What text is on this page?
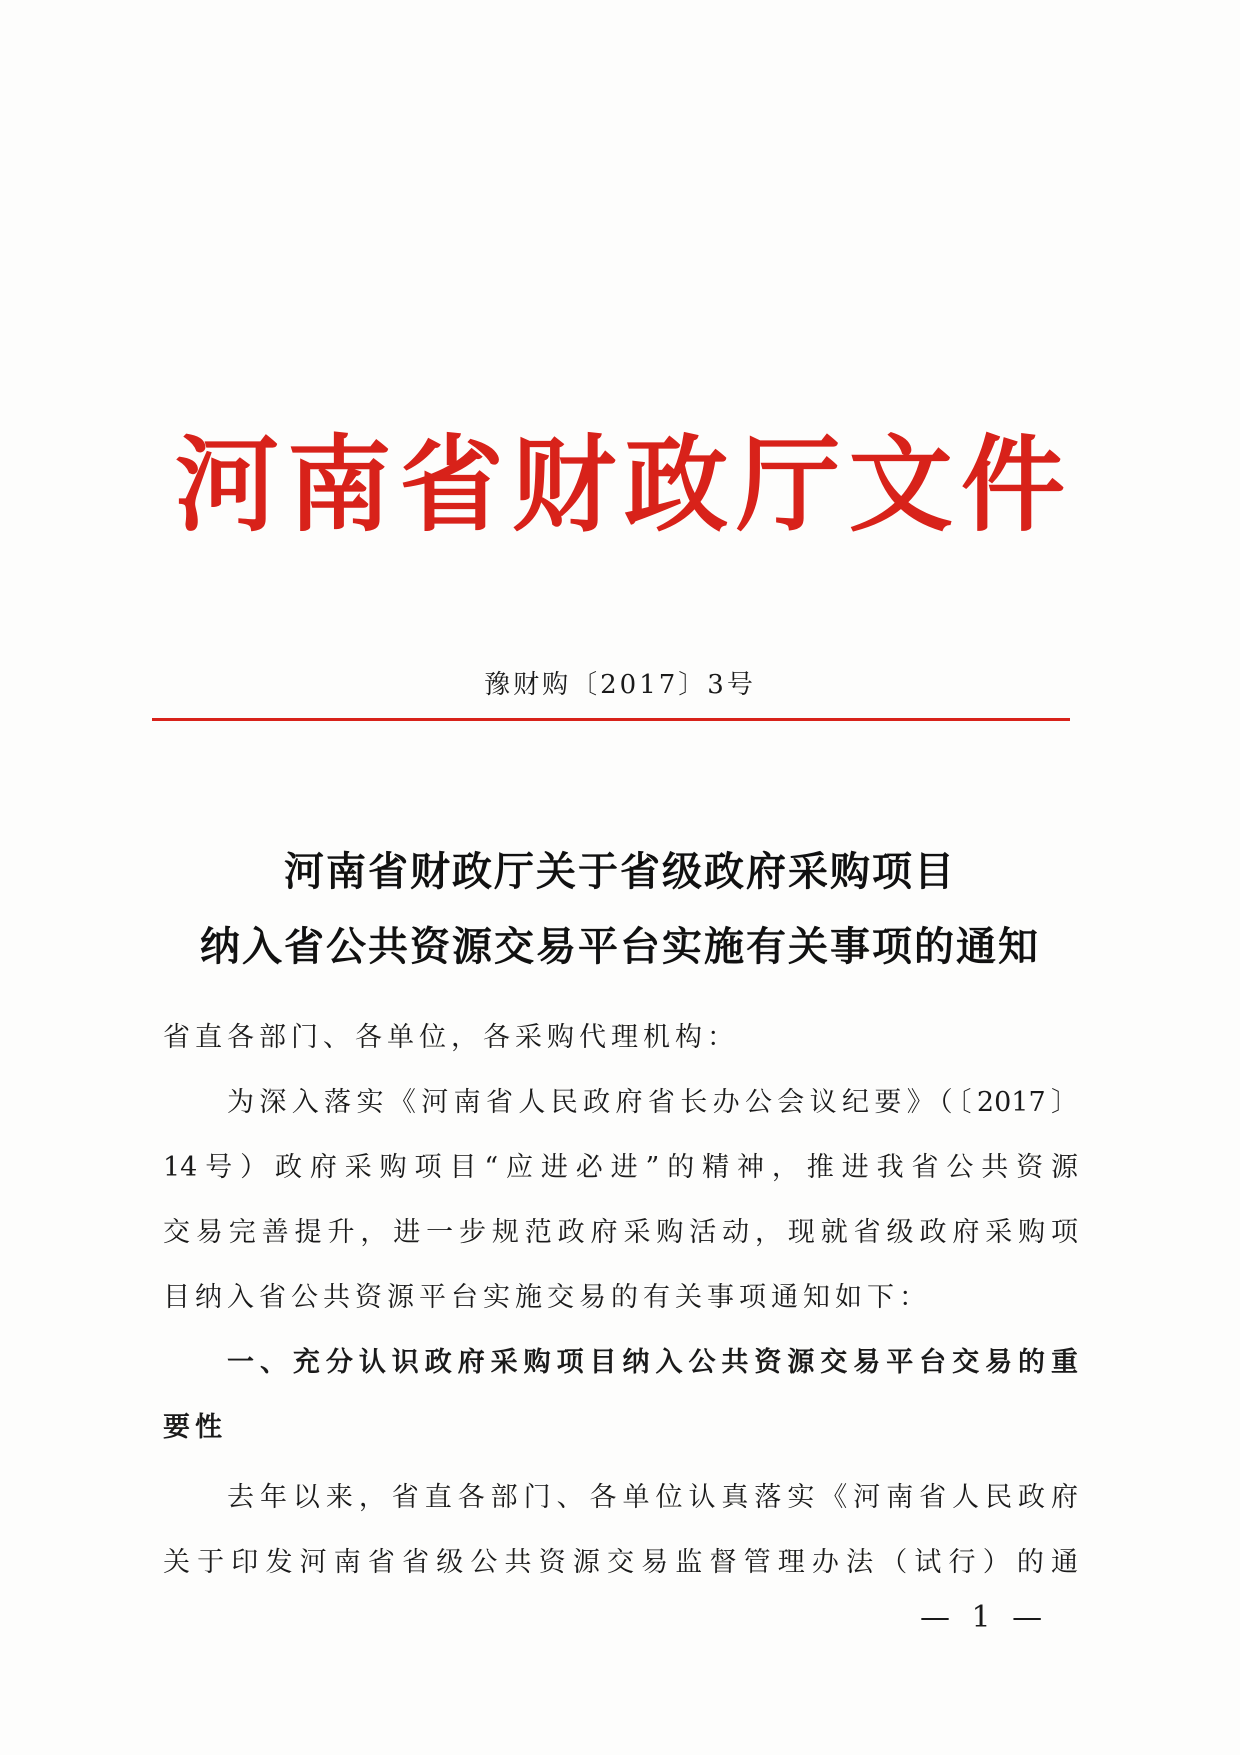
河 南 省 财 政 厅 文 件
豫财购〔2017〕3号
河南省财政厅关于省级政府采购项目
纳入省公共资源交易平台实施有关事项的通知
省直各部门、各单位，各采购代理机构：
为深入落实《河南省人民政府省长办公会议纪要》（〔2017〕
14号）政府采购项目“应进必进”的精神，推进我省公共资源
交易完善提升，进一步规范政府采购活动，现就省级政府采购项
目纳入省公共资源平台实施交易的有关事项通知如下：
一、充分认识政府采购项目纳入公共资源交易平台交易的重
要性
去年以来，省直各部门、各单位认真落实《河南省人民政府
关于印发河南省省级公共资源交易监督管理办法（试行）的通
— 1 —
